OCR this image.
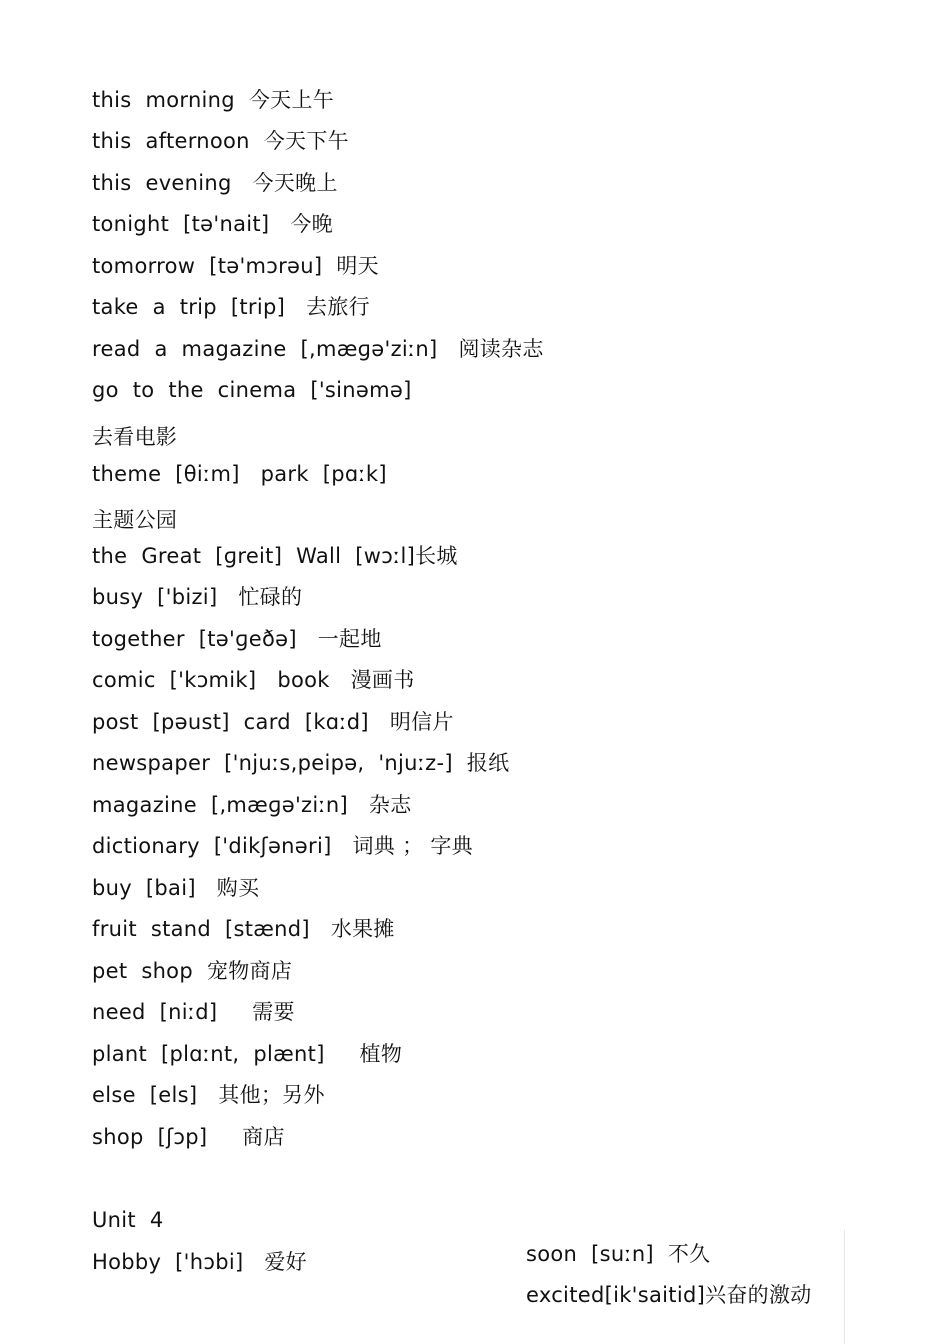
this  morning  今天上午
this  afternoon  今天下午
this  evening   今天晚上
tonight  [tə'nait]   今晚
tomorrow  [tə'mɔrəu]  明天
take  a  trip  [trip]   去旅行
read  a  magazine  [,mæɡə'ziːn]   阅读杂志
go  to  the  cinema  ['sinəmə]
去看电影
theme  [θiːm]   park  [pɑːk]
主题公园
the  Great  [ɡreit]  Wall  [wɔːl]长城
busy  ['bizi]   忙碌的
together  [tə'ɡeðə]   一起地
comic  ['kɔmik]   book   漫画书
post  [pəust]  card  [kɑːd]   明信片
newspaper  ['njuːs,peipə,  'njuːz-]  报纸
magazine  [,mæɡə'ziːn]   杂志
dictionary  ['dikʃənəri]   词典 ； 字典
buy  [bai]   购买
fruit  stand  [stænd]   水果摊
pet  shop  宠物商店
need  [niːd]     需要
plant  [plɑːnt,  plænt]     植物
else  [els]   其他；另外
shop  [ʃɔp]     商店
Unit  4
Hobby  ['hɔbi]   爱好	soon  [suːn]  不久
excited[ik'saitid]兴奋的激动
